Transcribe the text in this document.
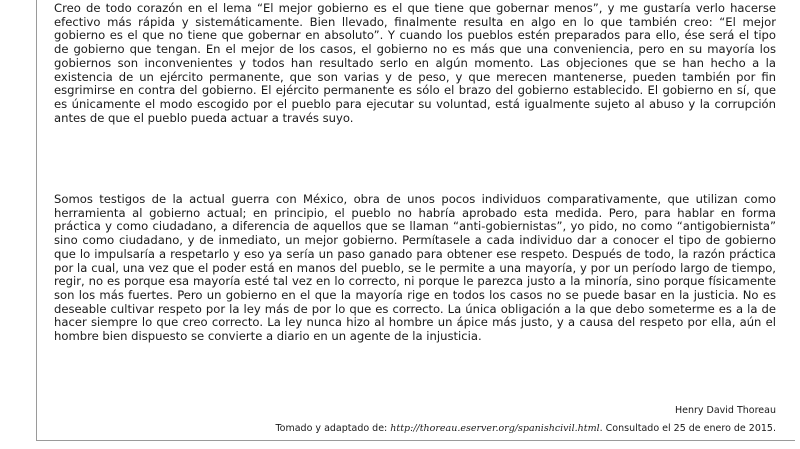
Creo de todo corazón en el lema “El mejor gobierno es el que tiene que gobernar menos”, y me gustaría verlo hacerse efectivo más rápida y sistemáticamente. Bien llevado, finalmente resulta en algo en lo que también creo: “El mejor gobierno es el que no tiene que gobernar en absoluto”. Y cuando los pueblos estén preparados para ello, ése será el tipo de gobierno que tengan. En el mejor de los casos, el gobierno no es más que una conveniencia, pero en su mayoría los gobiernos son inconvenientes y todos han resultado serlo en algún momento. Las objeciones que se han hecho a la existencia de un ejército permanente, que son varias y de peso, y que merecen mantenerse, pueden también por fin esgrimirse en contra del gobierno. El ejército permanente es sólo el brazo del gobierno establecido. El gobierno en sí, que es únicamente el modo escogido por el pueblo para ejecutar su voluntad, está igualmente sujeto al abuso y la corrupción antes de que el pueblo pueda actuar a través suyo.

Somos testigos de la actual guerra con México, obra de unos pocos individuos comparativamente, que utilizan como herramienta al gobierno actual; en principio, el pueblo no habría aprobado esta medida. Pero, para hablar en forma práctica y como ciudadano, a diferencia de aquellos que se llaman “anti-gobiernistas”, yo pido, no como “antigobiernista” sino como ciudadano, y de inmediato, un mejor gobierno. Permítasele a cada individuo dar a conocer el tipo de gobierno que lo impulsaría a respetarlo y eso ya sería un paso ganado para obtener ese respeto. Después de todo, la razón práctica por la cual, una vez que el poder está en manos del pueblo, se le permite a una mayoría, y por un período largo de tiempo, regir, no es porque esa mayoría esté tal vez en lo correcto, ni porque le parezca justo a la minoría, sino porque físicamente son los más fuertes. Pero un gobierno en el que la mayoría rige en todos los casos no se puede basar en la justicia. No es deseable cultivar respeto por la ley más de por lo que es correcto. La única obligación a la que debo someterme es a la de hacer siempre lo que creo correcto. La ley nunca hizo al hombre un ápice más justo, y a causa del respeto por ella, aún el hombre bien dispuesto se convierte a diario en un agente de la injusticia.

Henry David Thoreau
Tomado y adaptado de: http://thoreau.eserver.org/spanishcivil.html. Consultado el 25 de enero de 2015.
